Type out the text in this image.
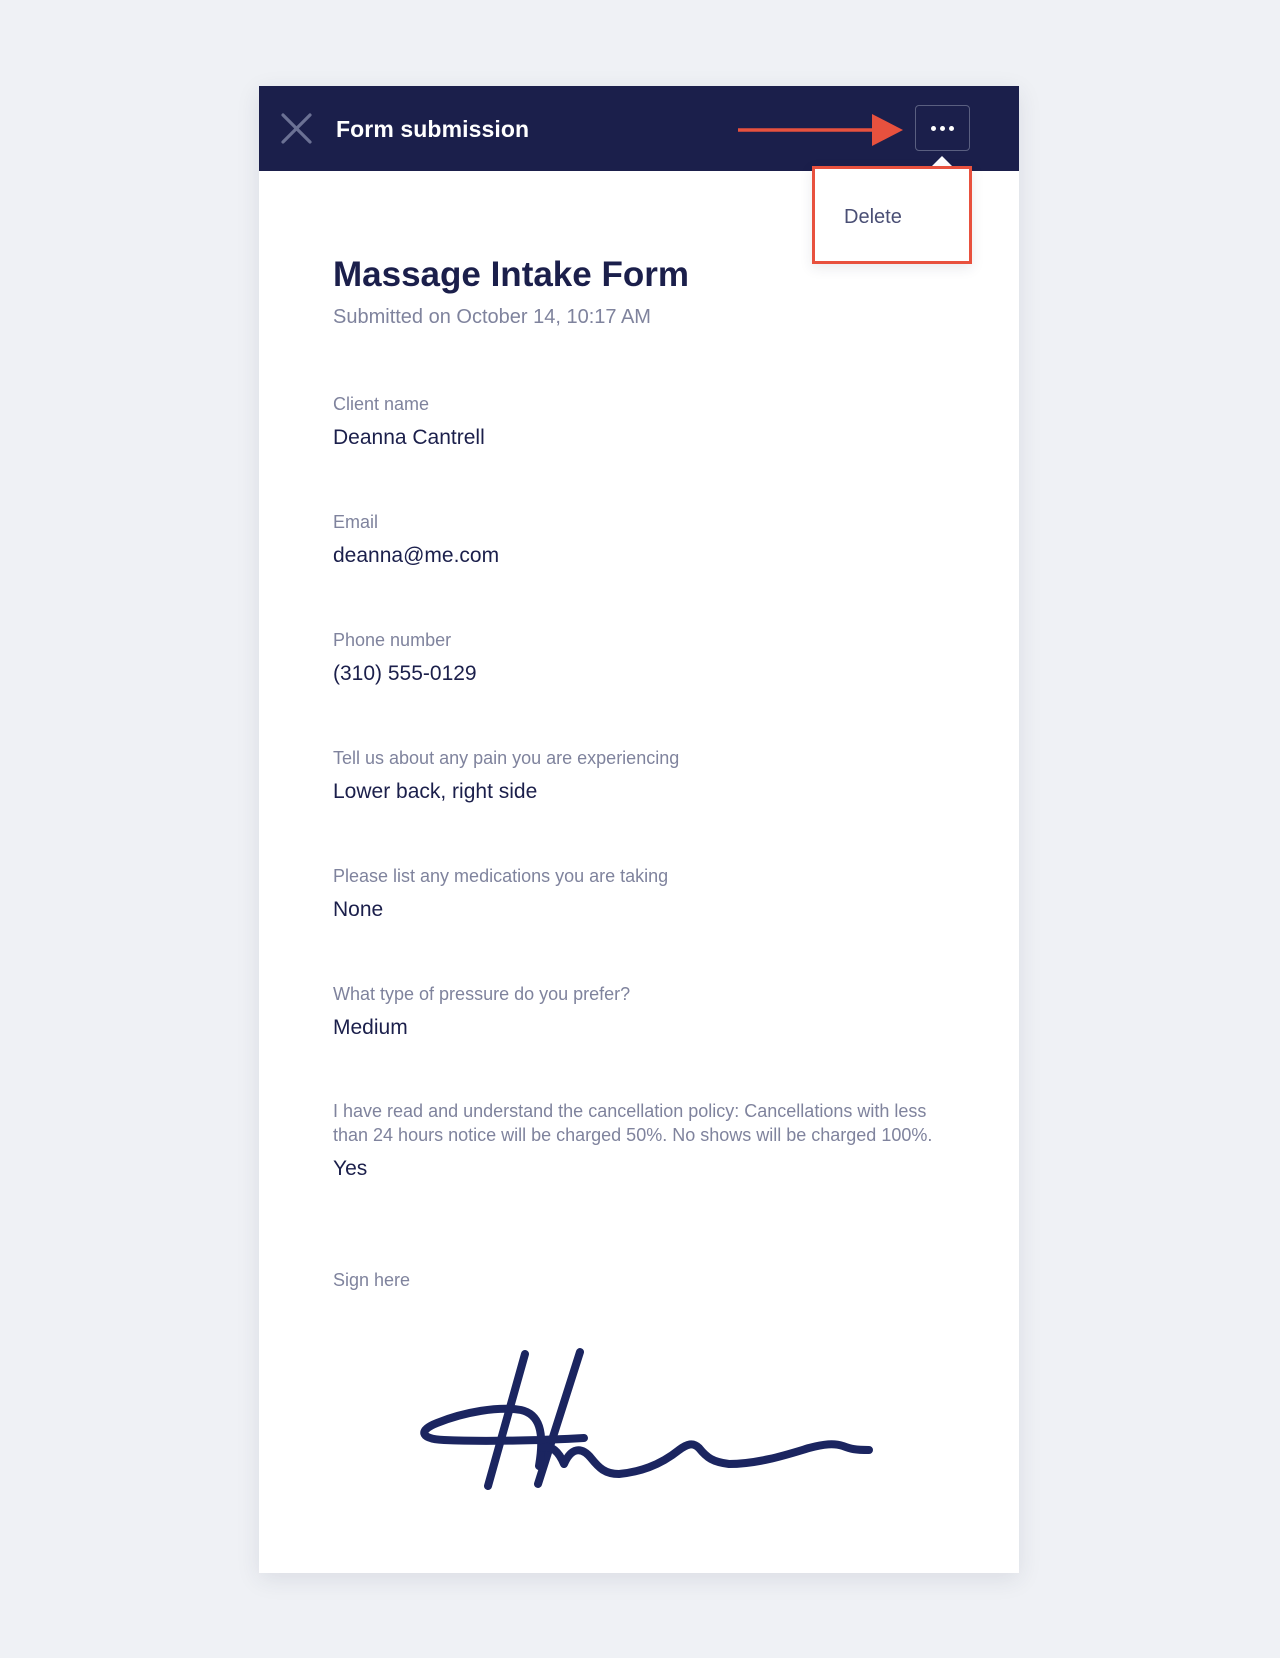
Form submission
Delete
Massage Intake Form
Submitted on October 14, 10:17 AM
Client name
Deanna Cantrell
Email
deanna@me.com
Phone number
(310) 555-0129
Tell us about any pain you are experiencing
Lower back, right side
Please list any medications you are taking
None
What type of pressure do you prefer?
Medium
I have read and understand the cancellation policy: Cancellations with less than 24 hours notice will be charged 50%. No shows will be charged 100%.
Yes
Sign here
